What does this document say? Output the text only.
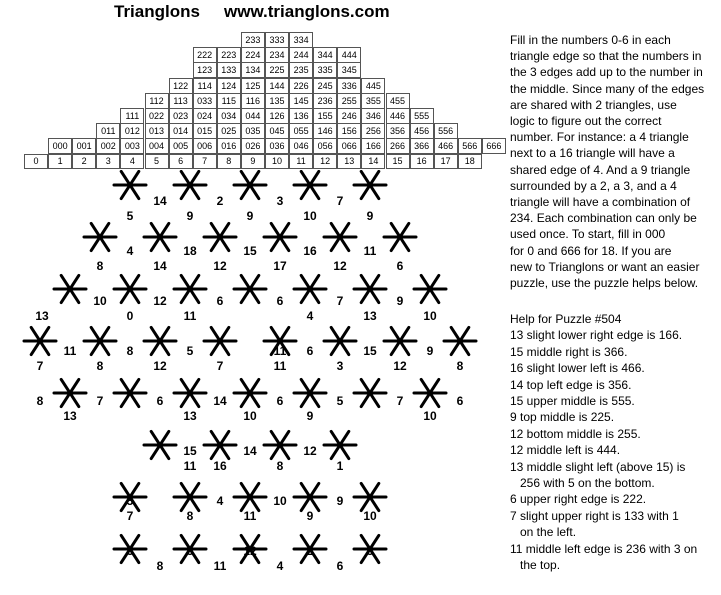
Trianglons www.trianglons.com
233	333	334
222	223	224	234	244	344	444
123	133	134	225	235	335	345
122	114	124	125	144	226	245	336	445
112	113	033	115	116	135	145	236	255	355	455
111	022	023	024	034	044	126	136	155	246	346	446	555
011	012	013	014	015	025	035	045	055	146	156	256	356	456	556
000	001	002	003	004	005	006	016	026	036	046	056	066	166	266	366	466	566	666
0	1	2	3	4	5	6	7	8	9	10	11	12	13	14	15	16	17	18
14	2	3	7
5	9	9	10	9
4	18	15	16	11
14	12	17	12
8	6
10	12	6	6	7	9
13	0	11	4	13	10
11	8	5	11 6	15	9
7	8	12	7	11	3	12	8
8	7	6	14	6	5	7	6
13	13	10	9	10
15	14	12
11 16	8	1
5	4	10	9
7	8	11	9	10
3	5	12	2	5
8	11	4	6

Fill in the numbers 0-6 in each

triangle edge so that the numbers in

the 3 edges add up to the number in

the middle. Since many of the edges

are shared with 2 triangles, use

logic to figure out the correct

number. For instance: a 4 triangle

next to a 16 triangle will have a

shared edge of 4. And a 9 triangle

surrounded by a 2, a 3, and a 4

triangle will have a combination of

234. Each combination can only be

used once. To start, fill in 000

for 0 and 666 for 18. If you are

new to Trianglons or want an easier

puzzle, use the puzzle helps below.

Help for Puzzle #504
13 slight lower right edge is 166.
15 middle right is 366.
16 slight lower left is 466.
14 top left edge is 356.
15 upper middle is 555.
9 top middle is 225.
12 bottom middle is 255.
12 middle left is 444.
13 middle slight left (above 15) is
256 with 5 on the bottom.
6 upper right edge is 222.
7 slight upper right is 133 with 1
on the left.
11 middle left edge is 236 with 3 on
the top.
